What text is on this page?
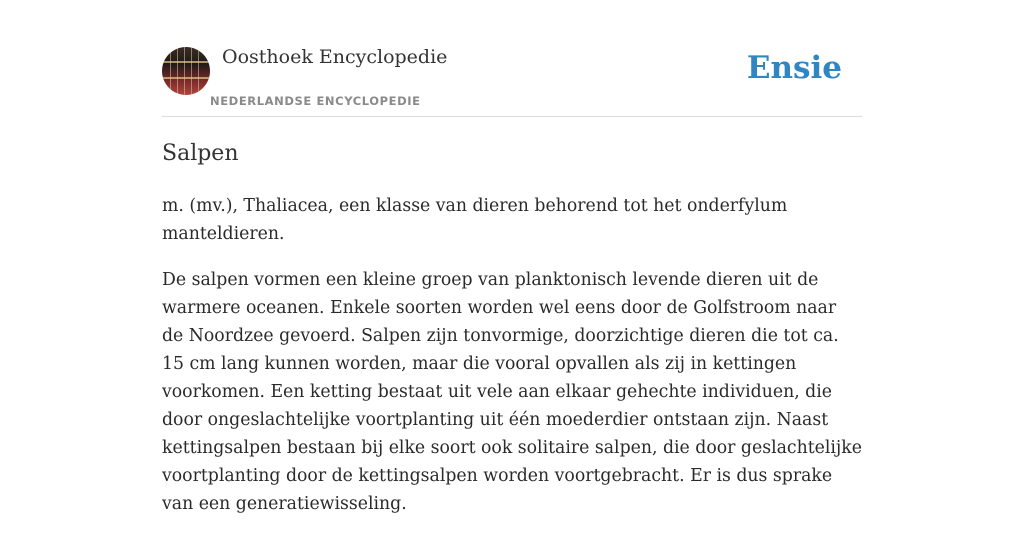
Oosthoek Encyclopedie
NEDERLANDSE ENCYCLOPEDIE
Ensie
Salpen

m. (mv.), Thaliacea, een klasse van dieren behorend tot het onderfylum manteldieren.

De salpen vormen een kleine groep van planktonisch levende dieren uit de warmere oceanen. Enkele soorten worden wel eens door de Golfstroom naar de Noordzee gevoerd. Salpen zijn tonvormige, doorzichtige dieren die tot ca. 15 cm lang kunnen worden, maar die vooral opvallen als zij in kettingen voorkomen. Een ketting bestaat uit vele aan elkaar gehechte individuen, die door ongeslachtelijke voortplanting uit één moederdier ontstaan zijn. Naast kettingsalpen bestaan bij elke soort ook solitaire salpen, die door geslachtelijke voortplanting door de kettingsalpen worden voortgebracht. Er is dus sprake van een generatiewisseling.
